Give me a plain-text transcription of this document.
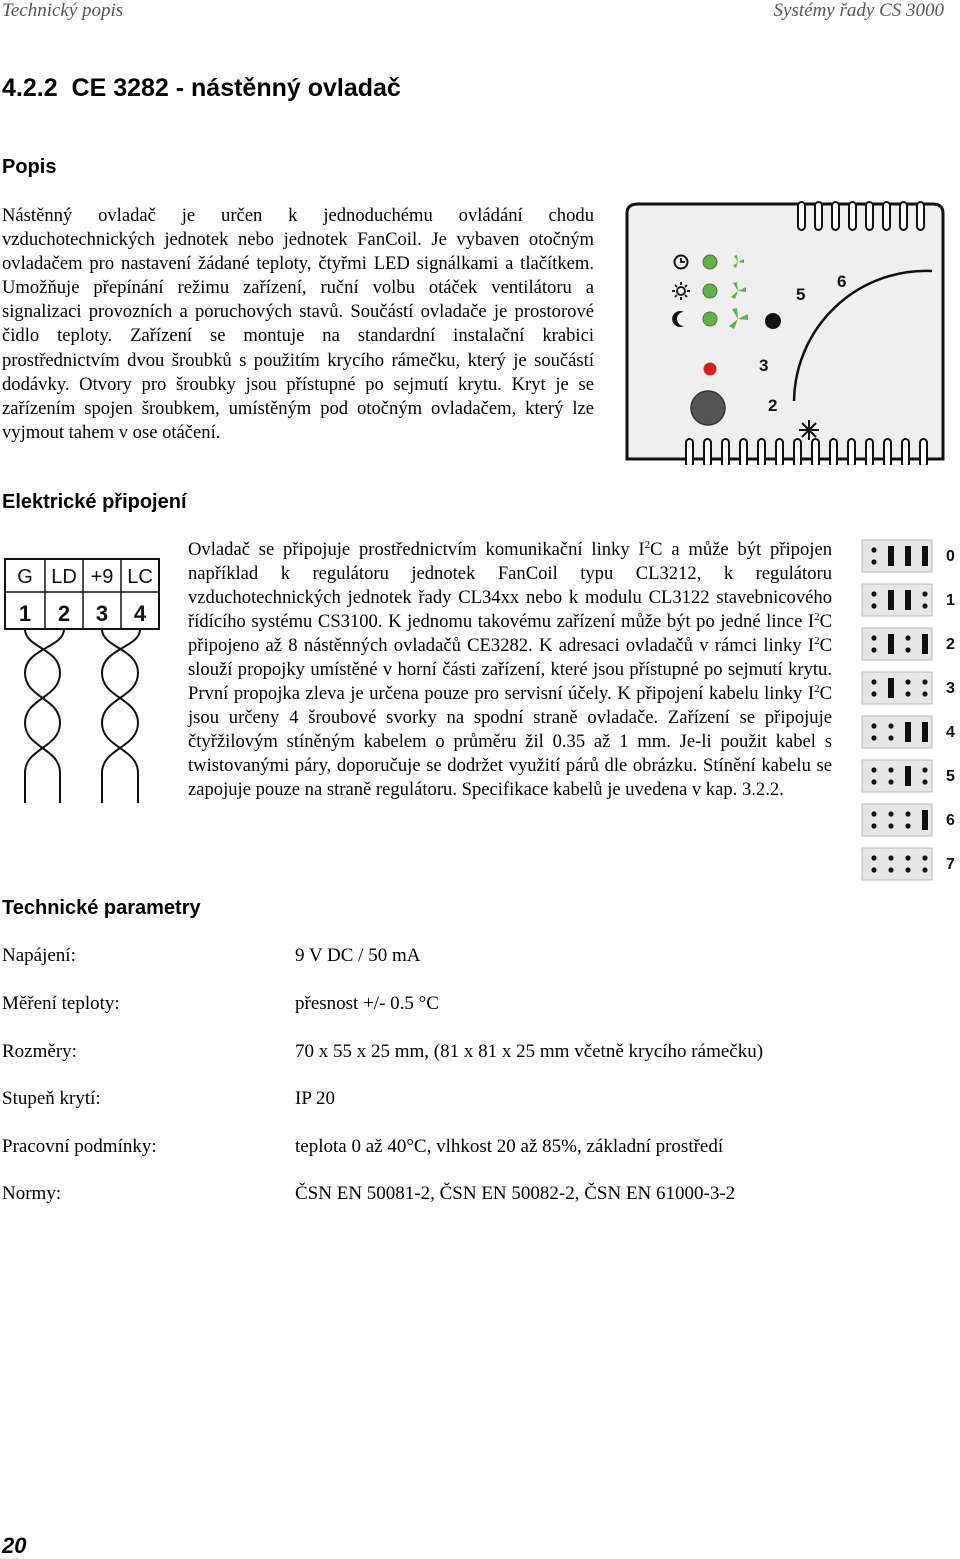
Technický popis	Systémy řady CS 3000
4.2.2 CE 3282 - nástěnný ovladač
Popis
Nástěnný ovladač je určen k jednoduchému ovládání chodu vzduchotechnických jednotek nebo jednotek FanCoil. Je vybaven otočným ovladačem pro nastavení žádané teploty, čtyřmi LED signálkami a tlačítkem. Umožňuje přepínání režimu zařízení, ruční volbu otáček ventilátoru a signalizaci provozních a poruchových stavů. Součástí ovladače je prostorové čidlo teploty. Zařízení se montuje na standardní instalační krabici prostřednictvím dvou šroubků s použitím krycího rámečku, který je součástí dodávky. Otvory pro šroubky jsou přístupné po sejmutí krytu. Kryt je se zařízením spojen šroubkem, umístěným pod otočným ovladačem, který lze vyjmout tahem v ose otáčení.
5
6
3
2
Elektrické připojení
G LD +9 LC
1 2 3 4
Ovladač se připojuje prostřednictvím komunikační linky $I^2C$ a může být připojen například k regulátoru jednotek FanCoil typu CL3212, k regulátoru vzduchotechnických jednotek řady CL34xx nebo k modulu CL3122 stavebnicového řídícího systému CS3100. K jednomu takovému zařízení může být po jedné lince $I^2C$ připojeno až 8 nástěnných ovladačů CE3282. K adresaci ovladačů v rámci linky $I^2C$ slouží propojky umístěné v horní části zařízení, které jsou přístupné po sejmutí krytu. První propojka zleva je určena pouze pro servisní účely. K připojení kabelu linky $I^2C$ jsou určeny 4 šroubové svorky na spodní straně ovladače. Zařízení se připojuje čtyřžilovým stíněným kabelem o průměru žil 0.35 až 1 mm. Je-li použit kabel s twistovanými páry, doporučuje se dodržet využití párů dle obrázku. Stínění kabelu se zapojuje pouze na straně regulátoru. Specifikace kabelů je uvedena v kap. 3.2.2.
0
1
2
3
4
5
6
7
Technické parametry
Napájení:	9 V DC / 50 mA
Měření teploty:	přesnost +/- 0.5 °C
Rozměry:	70 x 55 x 25 mm, (81 x 81 x 25 mm včetně krycího rámečku)
Stupeň krytí:	IP 20
Pracovní podmínky:	teplota 0 až 40°C, vlhkost 20 až 85%, základní prostředí
Normy:	ČSN EN 50081-2, ČSN EN 50082-2, ČSN EN 61000-3-2
20
